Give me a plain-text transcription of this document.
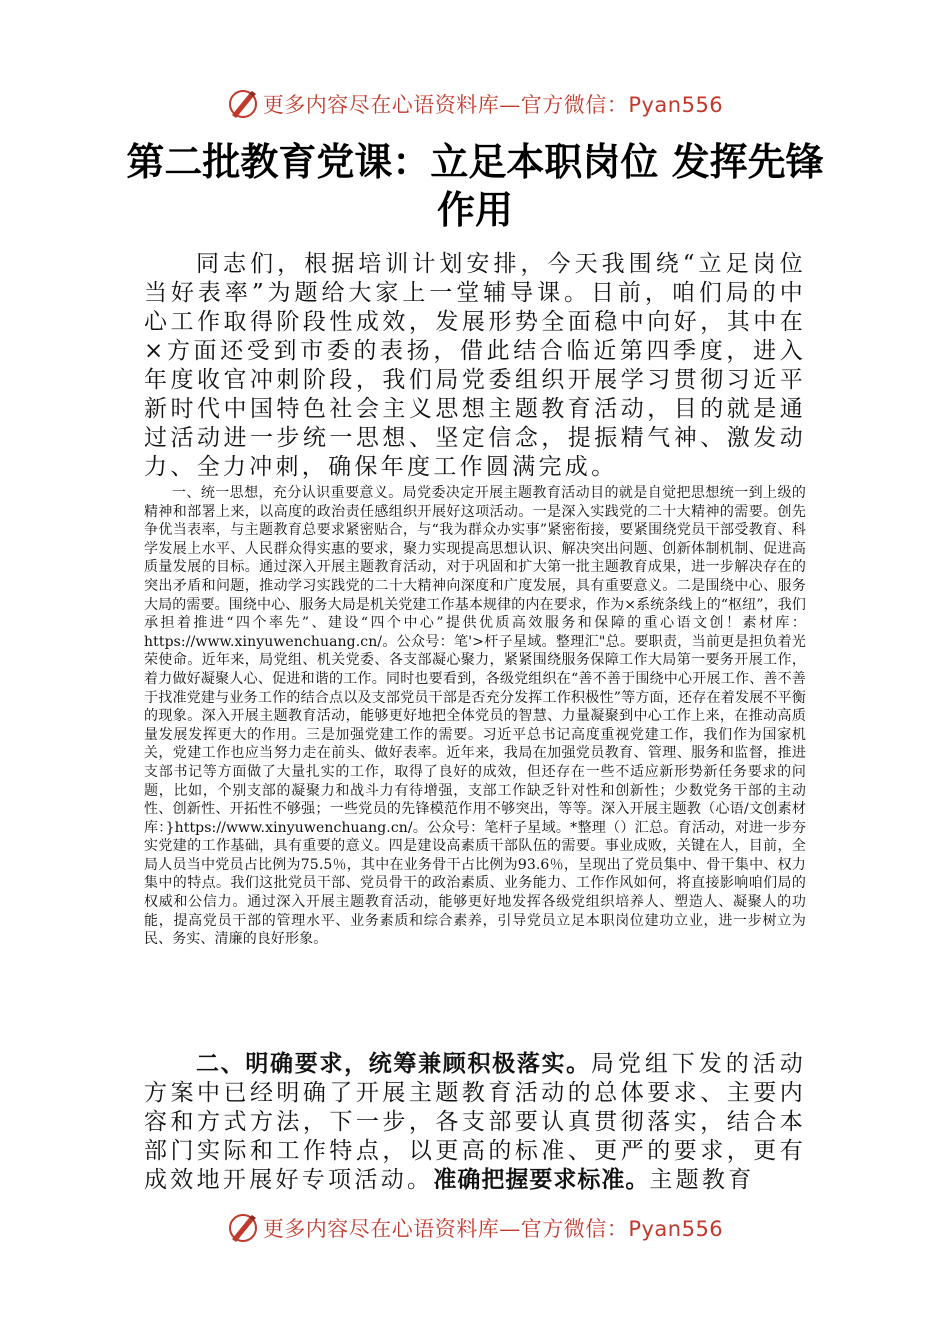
更多内容尽在心语资料库—官方微信：Pyan556
第二批教育党课：立足本职岗位 发挥先锋作用

同志们，根据培训计划安排，今天我围绕“立足岗位当好表率”为题给大家上一堂辅导课。日前，咱们局的中心工作取得阶段性成效，发展形势全面稳中向好，其中在×方面还受到市委的表扬，借此结合临近第四季度，进入年度收官冲刺阶段，我们局党委组织开展学习贯彻习近平新时代中国特色社会主义思想主题教育活动，目的就是通过活动进一步统一思想、坚定信念，提振精气神、激发动力、全力冲刺，确保年度工作圆满完成。

一、统一思想，充分认识重要意义。局党委决定开展主题教育活动目的就是自觉把思想统一到上级的精神和部署上来，以高度的政治责任感组织开展好这项活动。一是深入实践党的二十大精神的需要。创先争优当表率，与主题教育总要求紧密贴合，与“我为群众办实事”紧密衔接，要紧围绕党员干部受教育、科学发展上水平、人民群众得实惠的要求，聚力实现提高思想认识、解决突出问题、创新体制机制、促进高质量发展的目标。通过深入开展主题教育活动，对于巩固和扩大第一批主题教育成果，进一步解决存在的突出矛盾和问题，推动学习实践党的二十大精神向深度和广度发展，具有重要意义。二是围绕中心、服务大局的需要。围绕中心、服务大局是机关党建工作基本规律的内在要求，作为×系统条线上的“枢纽”，我们承担着推进“四个率先”、建设“四个中心”提供优质高效服务和保障的重心语文创！素材库：https://www.xinyuwenchuang.cn/。公众号：笔'>杆子星域。整理汇"总。要职责，当前更是担负着光荣使命。近年来，局党组、机关党委、各支部凝心聚力，紧紧围绕服务保障工作大局第一要务开展工作，着力做好凝聚人心、促进和谐的工作。同时也要看到，各级党组织在“善不善于围绕中心开展工作、善不善于找准党建与业务工作的结合点以及支部党员干部是否充分发挥工作积极性”等方面，还存在着发展不平衡的现象。深入开展主题教育活动，能够更好地把全体党员的智慧、力量凝聚到中心工作上来，在推动高质量发展发挥更大的作用。三是加强党建工作的需要。习近平总书记高度重视党建工作，我们作为国家机关，党建工作也应当努力走在前头、做好表率。近年来，我局在加强党员教育、管理、服务和监督，推进支部书记等方面做了大量扎实的工作，取得了良好的成效，但还存在一些不适应新形势新任务要求的问题，比如，个别支部的凝聚力和战斗力有待增强，支部工作缺乏针对性和创新性；少数党务干部的主动性、创新性、开拓性不够强；一些党员的先锋模范作用不够突出，等等。深入开展主题教（心语/文创素材库：}https://www.xinyuwenchuang.cn/。公众号：笔杆子星域。*整理（）汇总。育活动，对进一步夯实党建的工作基础，具有重要的意义。四是建设高素质干部队伍的需要。事业成败，关键在人，目前，全局人员当中党员占比例为75.5％，其中在业务骨干占比例为93.6％，呈现出了党员集中、骨干集中、权力集中的特点。我们这批党员干部、党员骨干的政治素质、业务能力、工作作风如何，将直接影响咱们局的权威和公信力。通过深入开展主题教育活动，能够更好地发挥各级党组织培养人、塑造人、凝聚人的功能，提高党员干部的管理水平、业务素质和综合素养，引导党员立足本职岗位建功立业，进一步树立为民、务实、清廉的良好形象。

二、明确要求，统筹兼顾积极落实。局党组下发的活动方案中已经明确了开展主题教育活动的总体要求、主要内容和方式方法，下一步，各支部要认真贯彻落实，结合本部门实际和工作特点，以更高的标准、更严的要求，更有成效地开展好专项活动。准确把握要求标准。主题教育

更多内容尽在心语资料库—官方微信：Pyan556
